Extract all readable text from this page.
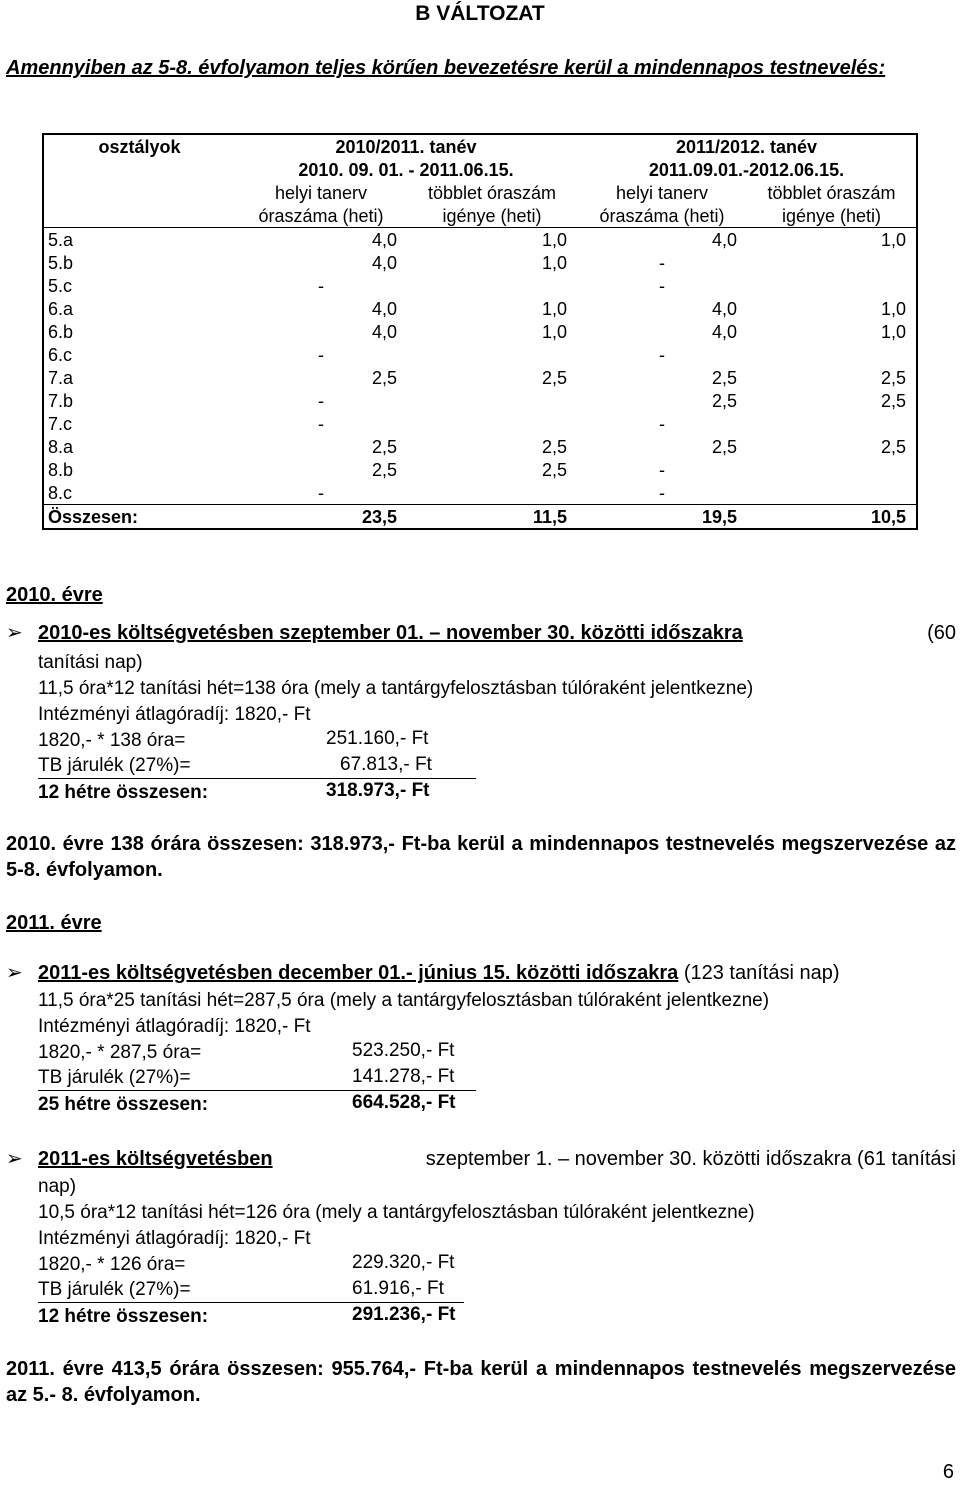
B VÁLTOZAT
Amennyiben az 5-8. évfolyamon teljes körűen bevezetésre kerül a mindennapos testnevelés:
osztályok	2010/2011. tanév		2011/2012. tanév	
	2010. 09. 01. - 2011.06.15.		2011.09.01.-2012.06.15.	
	helyi tanerv	többlet óraszám	helyi tanerv	többlet óraszám
	óraszáma (heti)	igénye (heti)	óraszáma (heti)	igénye (heti)
5.a	4,0	1,0	4,0	1,0
5.b	4,0	1,0	-	
5.c	-		-	
6.a	4,0	1,0	4,0	1,0
6.b	4,0	1,0	4,0	1,0
6.c	-		-	
7.a	2,5	2,5	2,5	2,5
7.b	-		2,5	2,5
7.c	-		-	
8.a	2,5	2,5	2,5	2,5
8.b	2,5	2,5	-	
8.c	-		-	
Összesen:	23,5	11,5	19,5	10,5
2010. évre
➢ 2010-es költségvetésben szeptember 01. – november 30. közötti időszakra	(60
tanítási nap)
11,5 óra*12 tanítási hét=138 óra (mely a tantárgyfelosztásban túlóraként jelentkezne)
Intézményi átlagóradíj: 1820,- Ft
1820,- * 138 óra=	251.160,- Ft
TB járulék (27%)=	67.813,- Ft
12 hétre összesen:	318.973,- Ft
2010. évre 138 órára összesen: 318.973,- Ft-ba kerül a mindennapos testnevelés megszervezése az 5-8. évfolyamon.
2011. évre
➢ 2011-es költségvetésben december 01.- június 15. közötti időszakra (123 tanítási nap)
11,5 óra*25 tanítási hét=287,5 óra (mely a tantárgyfelosztásban túlóraként jelentkezne)
Intézményi átlagóradíj: 1820,- Ft
1820,- * 287,5 óra=	523.250,- Ft
TB járulék (27%)=	141.278,- Ft
25 hétre összesen:	664.528,- Ft
➢ 2011-es költségvetésben	szeptember 1. – november 30. közötti időszakra (61 tanítási
nap)
10,5 óra*12 tanítási hét=126 óra (mely a tantárgyfelosztásban túlóraként jelentkezne)
Intézményi átlagóradíj: 1820,- Ft
1820,- * 126 óra=	229.320,- Ft
TB járulék (27%)=	61.916,- Ft
12 hétre összesen:	291.236,- Ft
2011. évre 413,5 órára összesen: 955.764,- Ft-ba kerül a mindennapos testnevelés megszervezése az 5.- 8. évfolyamon.
6
